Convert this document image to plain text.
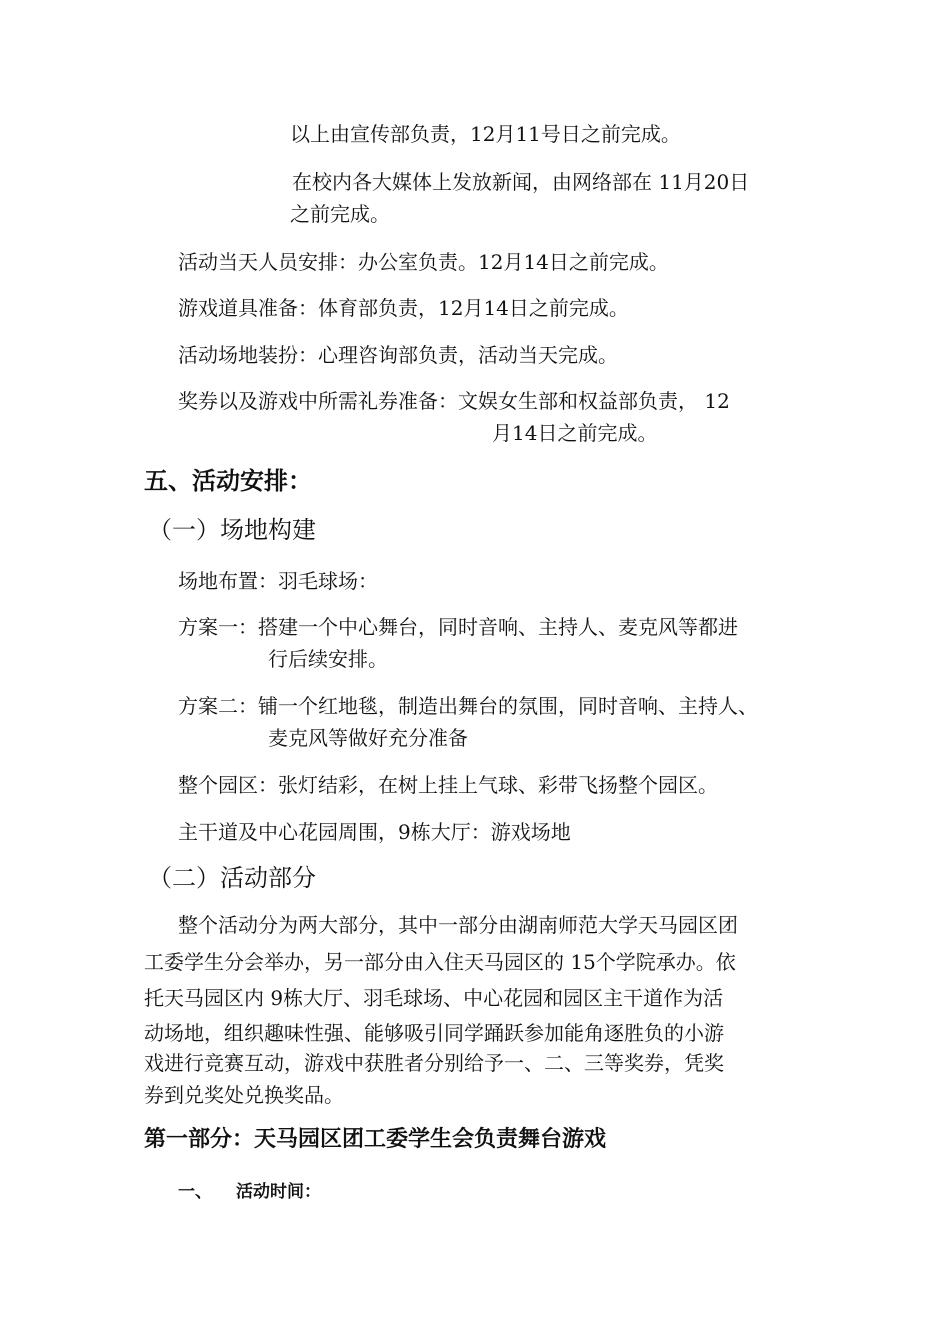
以上由宣传部负责，12月11号日之前完成。
在校内各大媒体上发放新闻，由网络部在 11月20日
之前完成。
活动当天人员安排：办公室负责。12月14日之前完成。
游戏道具准备：体育部负责，12月14日之前完成。
活动场地装扮：心理咨询部负责，活动当天完成。
奖券以及游戏中所需礼券准备：文娱女生部和权益部负责， 12
月14日之前完成。
五、活动安排：
（一）场地构建
场地布置：羽毛球场：
方案一：搭建一个中心舞台，同时音响、主持人、麦克风等都进
行后续安排。
方案二：铺一个红地毯，制造出舞台的氛围，同时音响、主持人、
麦克风等做好充分准备
整个园区：张灯结彩，在树上挂上气球、彩带飞扬整个园区。
主干道及中心花园周围，9栋大厅：游戏场地
（二）活动部分
整个活动分为两大部分，其中一部分由湖南师范大学天马园区团
工委学生分会举办，另一部分由入住天马园区的 15个学院承办。依
托天马园区内 9栋大厅、羽毛球场、中心花园和园区主干道作为活
动场地，组织趣味性强、能够吸引同学踊跃参加能角逐胜负的小游
戏进行竞赛互动，游戏中获胜者分别给予一、二、三等奖券，凭奖
券到兑奖处兑换奖品。
第一部分：天马园区团工委学生会负责舞台游戏
一、 活动时间：
